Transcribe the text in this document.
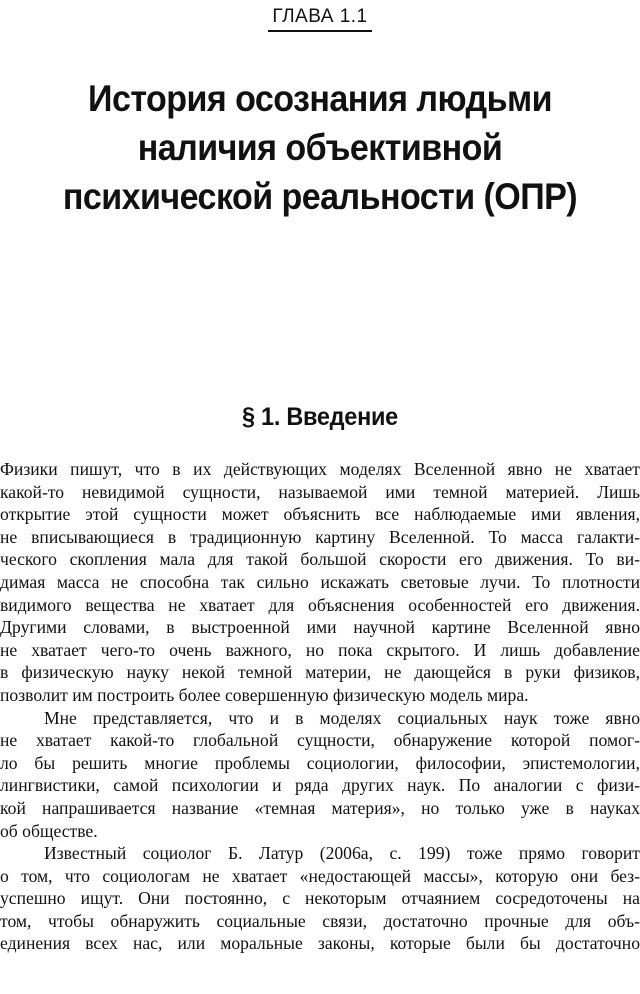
ГЛАВА 1.1
История осознания людьми
наличия объективной
психической реальности (ОПР)
§ 1. Введение
Физики пишут, что в их действующих моделях Вселенной явно не хватает
какой-то невидимой сущности, называемой ими темной материей. Лишь
открытие этой сущности может объяснить все наблюдаемые ими явления,
не вписывающиеся в традиционную картину Вселенной. То масса галакти-
ческого скопления мала для такой большой скорости его движения. То ви-
димая масса не способна так сильно искажать световые лучи. То плотности
видимого вещества не хватает для объяснения особенностей его движения.
Другими словами, в выстроенной ими научной картине Вселенной явно
не хватает чего-то очень важного, но пока скрытого. И лишь добавление
в физическую науку некой темной материи, не дающейся в руки физиков,
позволит им построить более совершенную физическую модель мира.
Мне представляется, что и в моделях социальных наук тоже явно
не хватает какой-то глобальной сущности, обнаружение которой помог-
ло бы решить многие проблемы социологии, философии, эпистемологии,
лингвистики, самой психологии и ряда других наук. По аналогии с физи-
кой напрашивается название «темная материя», но только уже в науках
об обществе.
Известный социолог Б. Латур (2006а, с. 199) тоже прямо говорит
о том, что социологам не хватает «недостающей массы», которую они без-
успешно ищут. Они постоянно, с некоторым отчаянием сосредоточены на
том, чтобы обнаружить социальные связи, достаточно прочные для объ-
единения всех нас, или моральные законы, которые были бы достаточно
